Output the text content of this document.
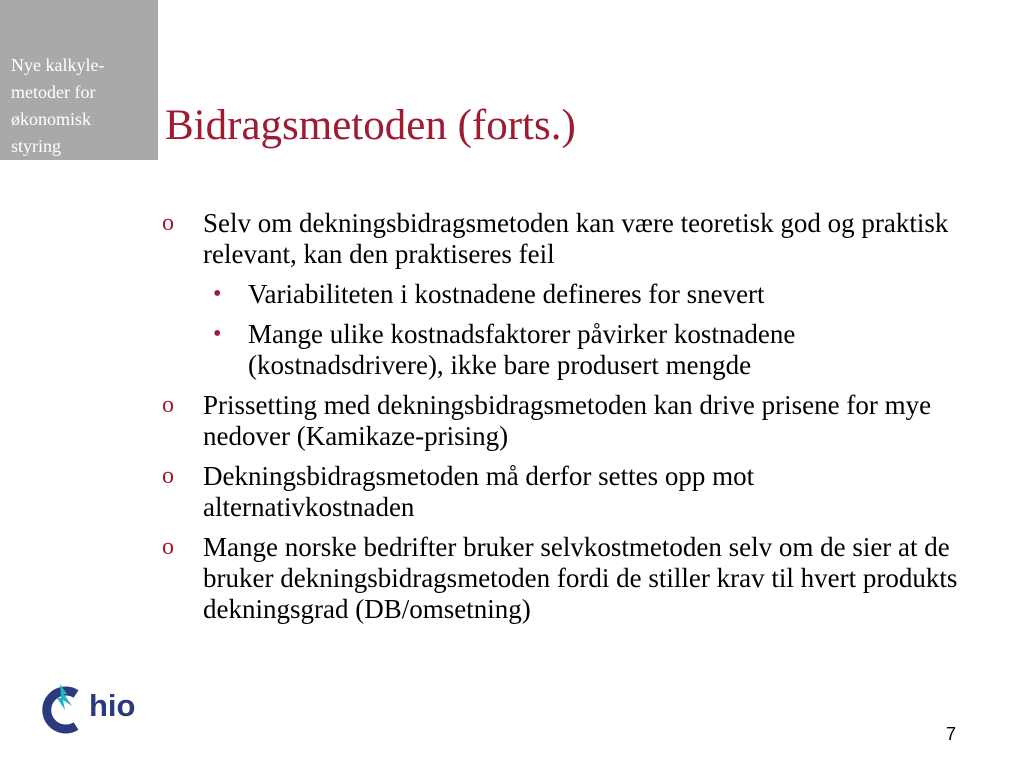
Nye kalkyle-
metoder for
økonomisk
styring	Bidragsmetoden (forts.)
o	Selv om dekningsbidragsmetoden kan være teoretisk god og praktisk relevant, kan den praktiseres feil
• Variabiliteten i kostnadene defineres for snevert
• Mange ulike kostnadsfaktorer påvirker kostnadene (kostnadsdrivere), ikke bare produsert mengde
o	Prissetting med dekningsbidragsmetoden kan drive prisene for mye nedover (Kamikaze-prising)
o	Dekningsbidragsmetoden må derfor settes opp mot alternativkostnaden
o	Mange norske bedrifter bruker selvkostmetoden selv om de sier at de bruker dekningsbidragsmetoden fordi de stiller krav til hvert produkts dekningsgrad (DB/omsetning)
hio
7
